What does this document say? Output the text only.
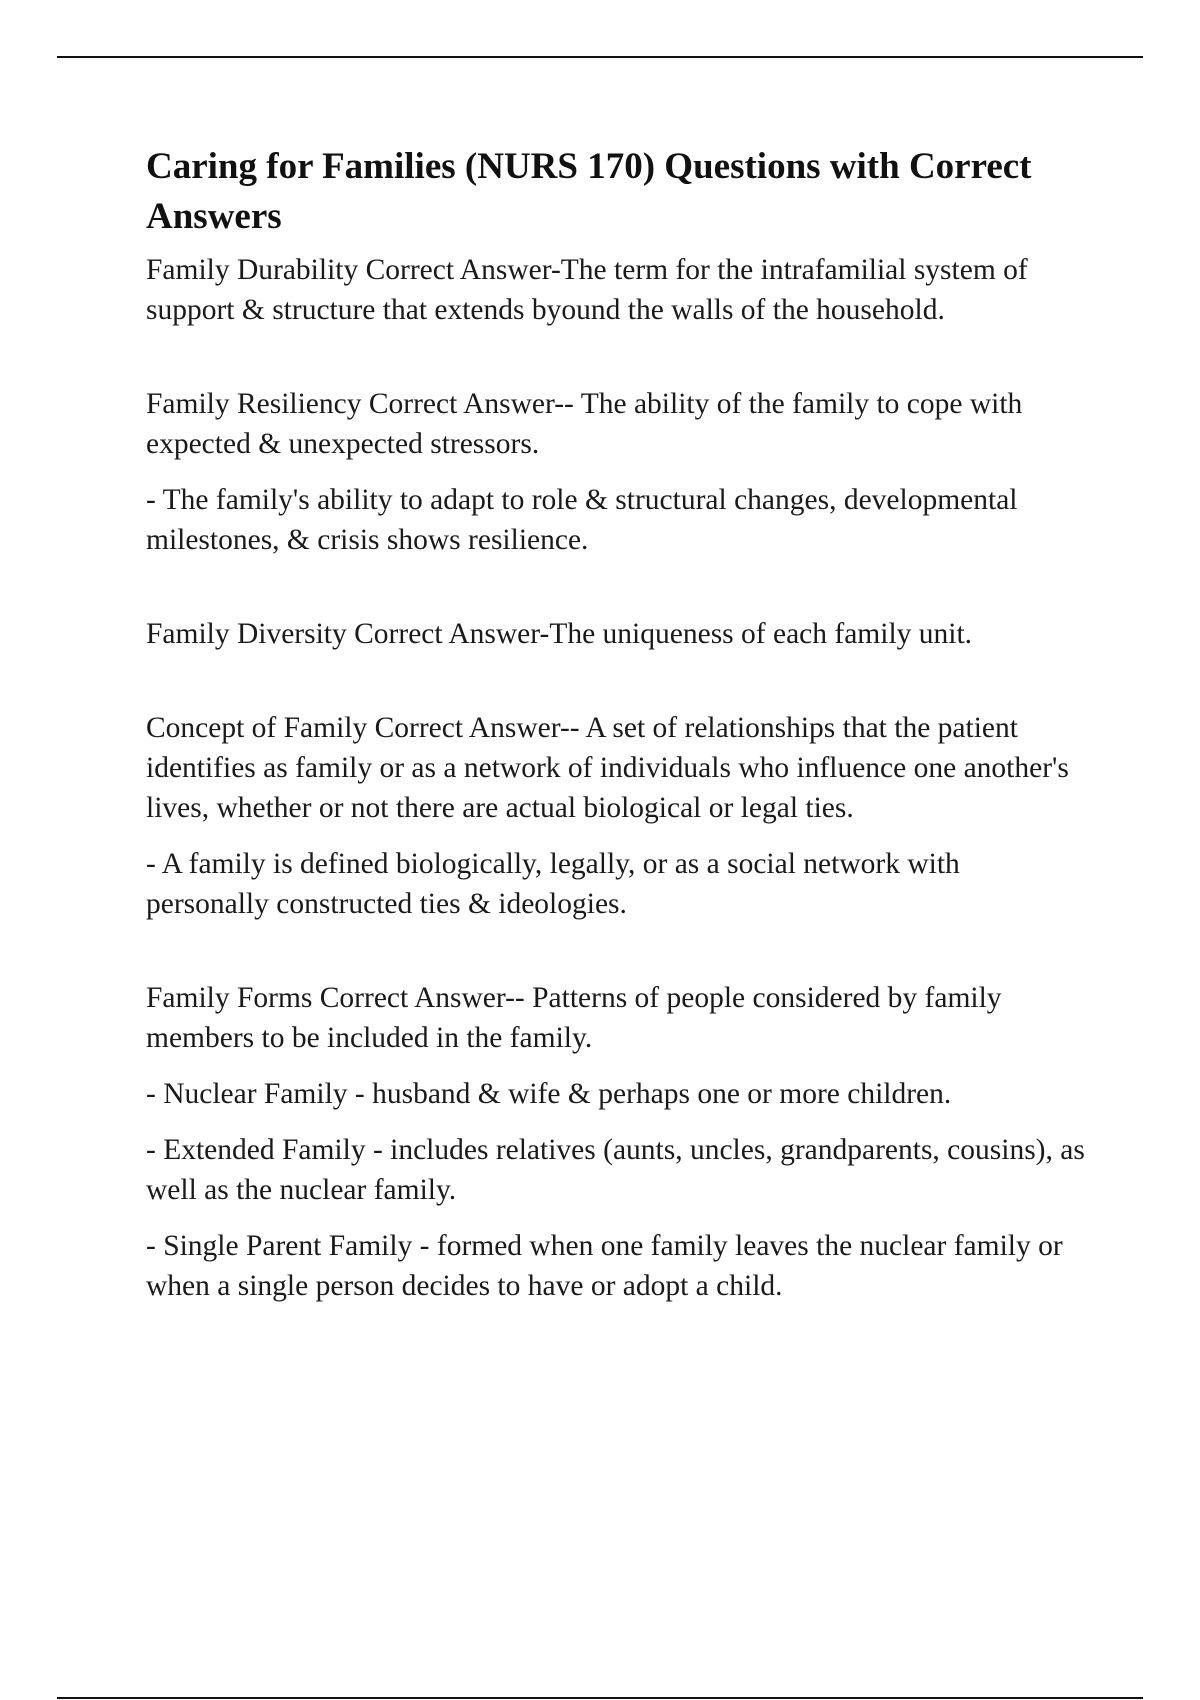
Caring for Families (NURS 170) Questions with Correct Answers

Family Durability Correct Answer-The term for the intrafamilial system of support & structure that extends byound the walls of the household.

Family Resiliency Correct Answer-- The ability of the family to cope with expected & unexpected stressors.

- The family's ability to adapt to role & structural changes, developmental milestones, & crisis shows resilience.

Family Diversity Correct Answer-The uniqueness of each family unit.

Concept of Family Correct Answer-- A set of relationships that the patient identifies as family or as a network of individuals who influence one another's lives, whether or not there are actual biological or legal ties.

- A family is defined biologically, legally, or as a social network with personally constructed ties & ideologies.

Family Forms Correct Answer-- Patterns of people considered by family members to be included in the family.

- Nuclear Family - husband & wife & perhaps one or more children.

- Extended Family - includes relatives (aunts, uncles, grandparents, cousins), as well as the nuclear family.

- Single Parent Family - formed when one family leaves the nuclear family or when a single person decides to have or adopt a child.
